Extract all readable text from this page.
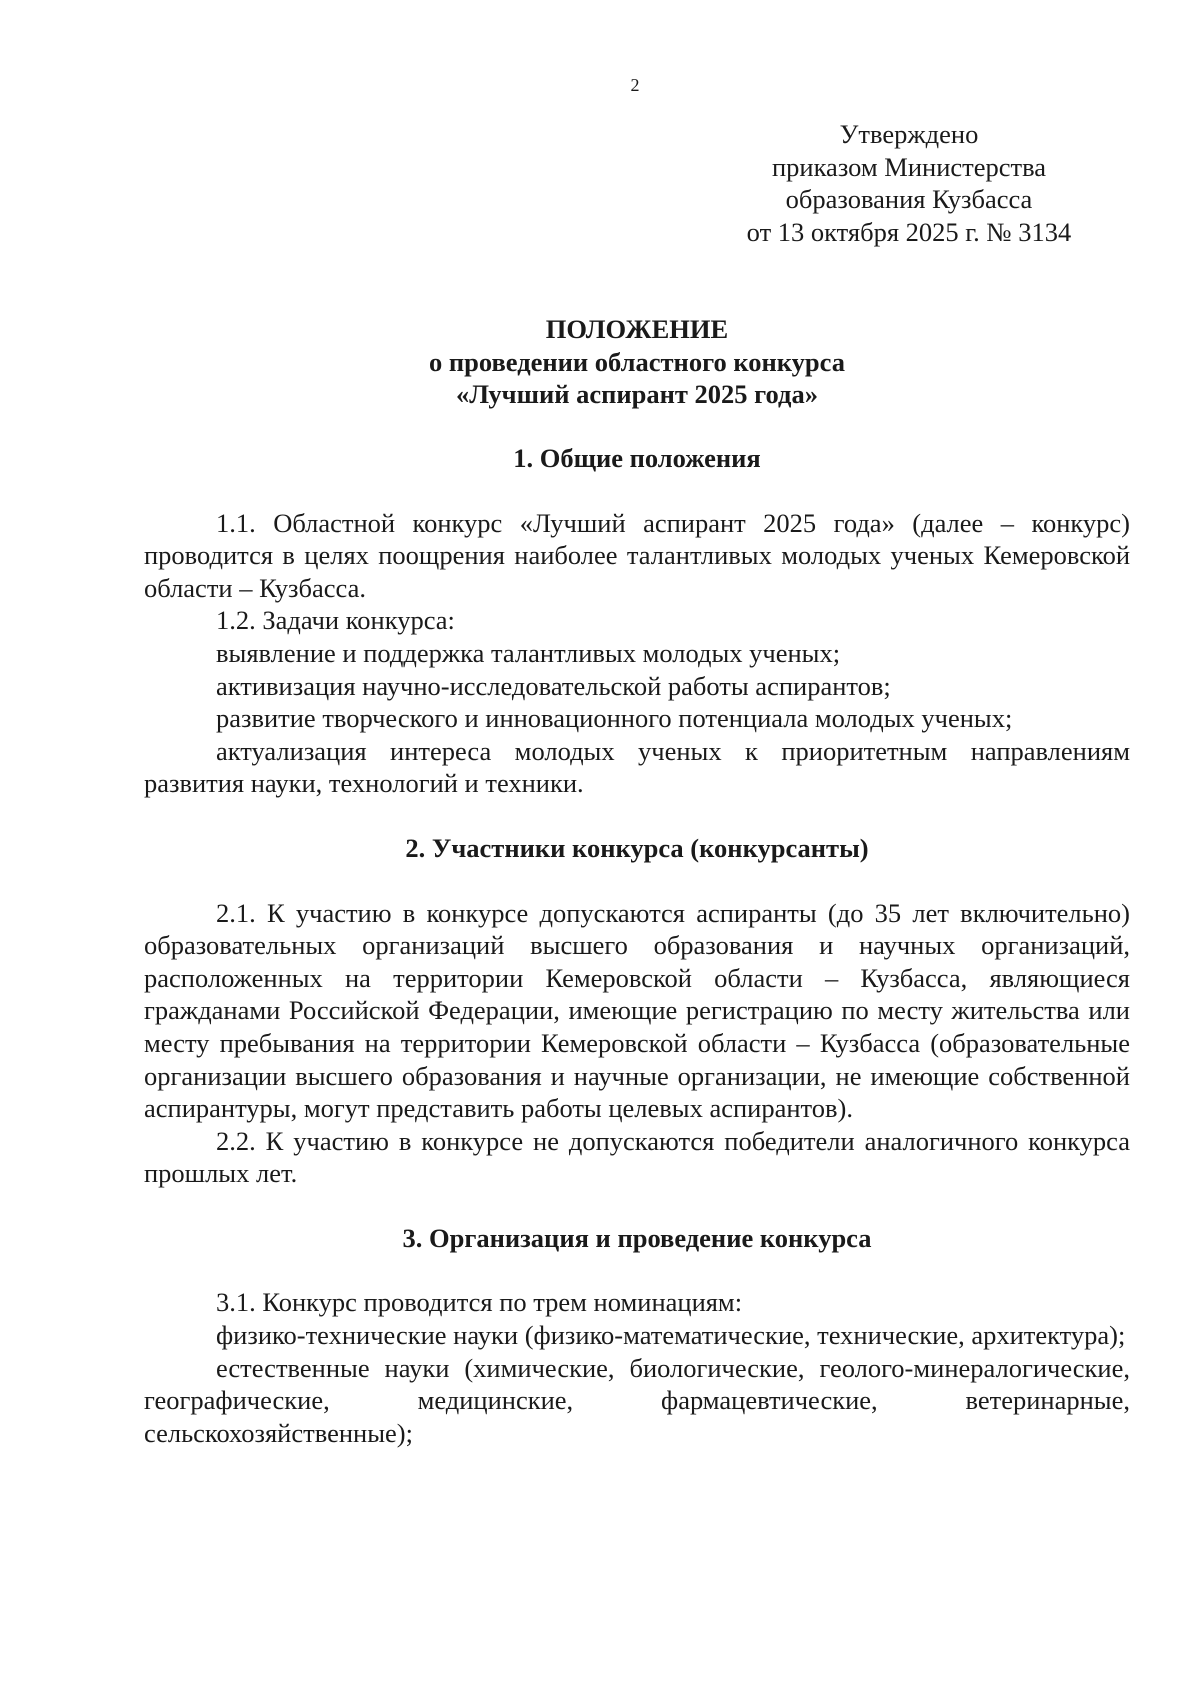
2
Утверждено
приказом Министерства
образования Кузбасса
от 13 октября 2025 г. № 3134
ПОЛОЖЕНИЕ
о проведении областного конкурса
«Лучший аспирант 2025 года»
1. Общие положения

1.1. Областной конкурс «Лучший аспирант 2025 года» (далее – конкурс) проводится в целях поощрения наиболее талантливых молодых ученых Кемеровской области – Кузбасса.

1.2. Задачи конкурса:

выявление и поддержка талантливых молодых ученых;

активизация научно-исследовательской работы аспирантов;

развитие творческого и инновационного потенциала молодых ученых;

актуализация интереса молодых ученых к приоритетным направлениям развития науки, технологий и техники.

2. Участники конкурса (конкурсанты)

2.1. К участию в конкурсе допускаются аспиранты (до 35 лет включительно) образовательных организаций высшего образования и научных организаций, расположенных на территории Кемеровской области – Кузбасса, являющиеся гражданами Российской Федерации, имеющие регистрацию по месту жительства или месту пребывания на территории Кемеровской области – Кузбасса (образовательные организации высшего образования и научные организации, не имеющие собственной аспирантуры, могут представить работы целевых аспирантов).

2.2. К участию в конкурсе не допускаются победители аналогичного конкурса прошлых лет.

3. Организация и проведение конкурса

3.1. Конкурс проводится по трем номинациям:

физико-технические науки (физико-математические, технические, архитектура);

естественные науки (химические, биологические, геолого-минералогические, географические, медицинские, фармацевтические, ветеринарные, сельскохозяйственные);
